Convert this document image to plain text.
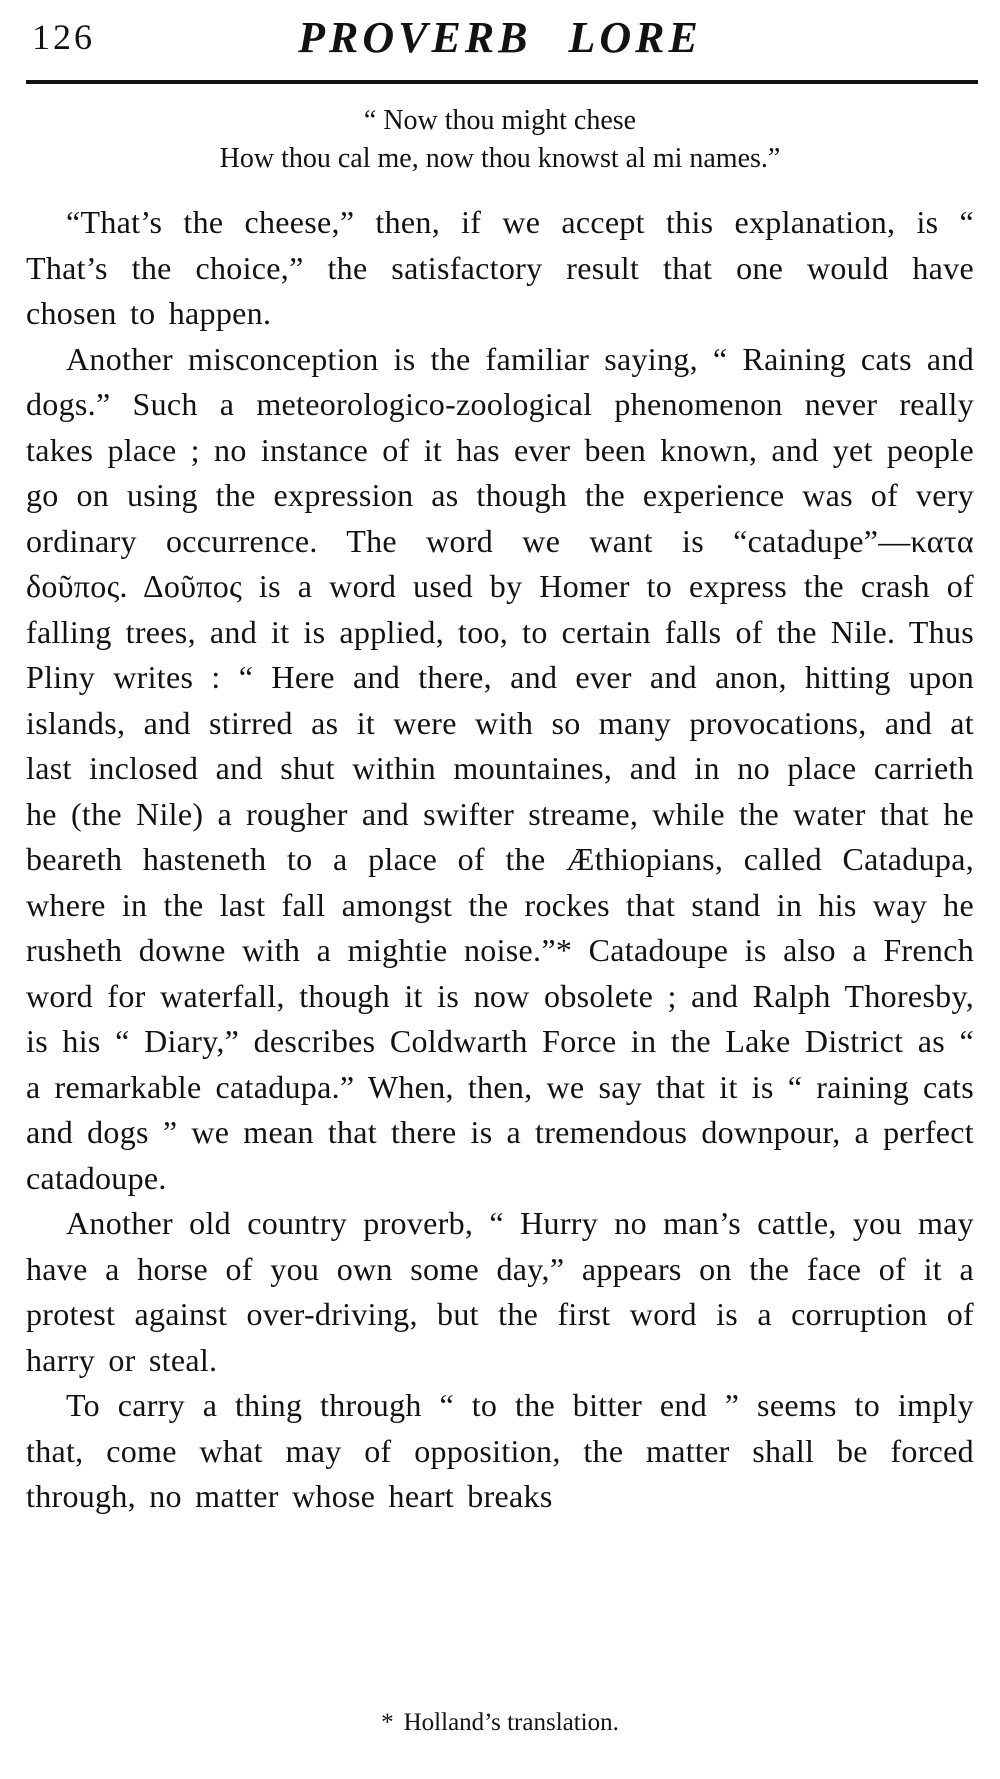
126	PROVERB LORE
“ Now thou might chese
How thou cal me, now thou knowst al mi names.”

“That’s the cheese,” then, if we accept this explanation, is “ That’s the choice,” the satisfactory result that one would have chosen to happen.

Another misconception is the familiar saying, “ Raining cats and dogs.” Such a meteorologico-zoological phenomenon never really takes place ; no instance of it has ever been known, and yet people go on using the expression as though the experience was of very ordinary occurrence. The word we want is “catadupe”—κατα δοῦπος. Δοῦπος is a word used by Homer to express the crash of falling trees, and it is applied, too, to certain falls of the Nile. Thus Pliny writes : “ Here and there, and ever and anon, hitting upon islands, and stirred as it were with so many provocations, and at last inclosed and shut within mountaines, and in no place carrieth he (the Nile) a rougher and swifter streame, while the water that he beareth hasteneth to a place of the Æthiopians, called Catadupa, where in the last fall amongst the rockes that stand in his way he rusheth downe with a mightie noise.”* Catadoupe is also a French word for waterfall, though it is now obsolete ; and Ralph Thoresby, is his “ Diary,” describes Coldwarth Force in the Lake District as “ a remarkable catadupa.” When, then, we say that it is “ raining cats and dogs ” we mean that there is a tremendous downpour, a perfect catadoupe.

Another old country proverb, “ Hurry no man’s cattle, you may have a horse of you own some day,” appears on the face of it a protest against over-driving, but the first word is a corruption of harry or steal.

To carry a thing through “ to the bitter end ” seems to imply that, come what may of opposition, the matter shall be forced through, no matter whose heart breaks

* Holland’s translation.
